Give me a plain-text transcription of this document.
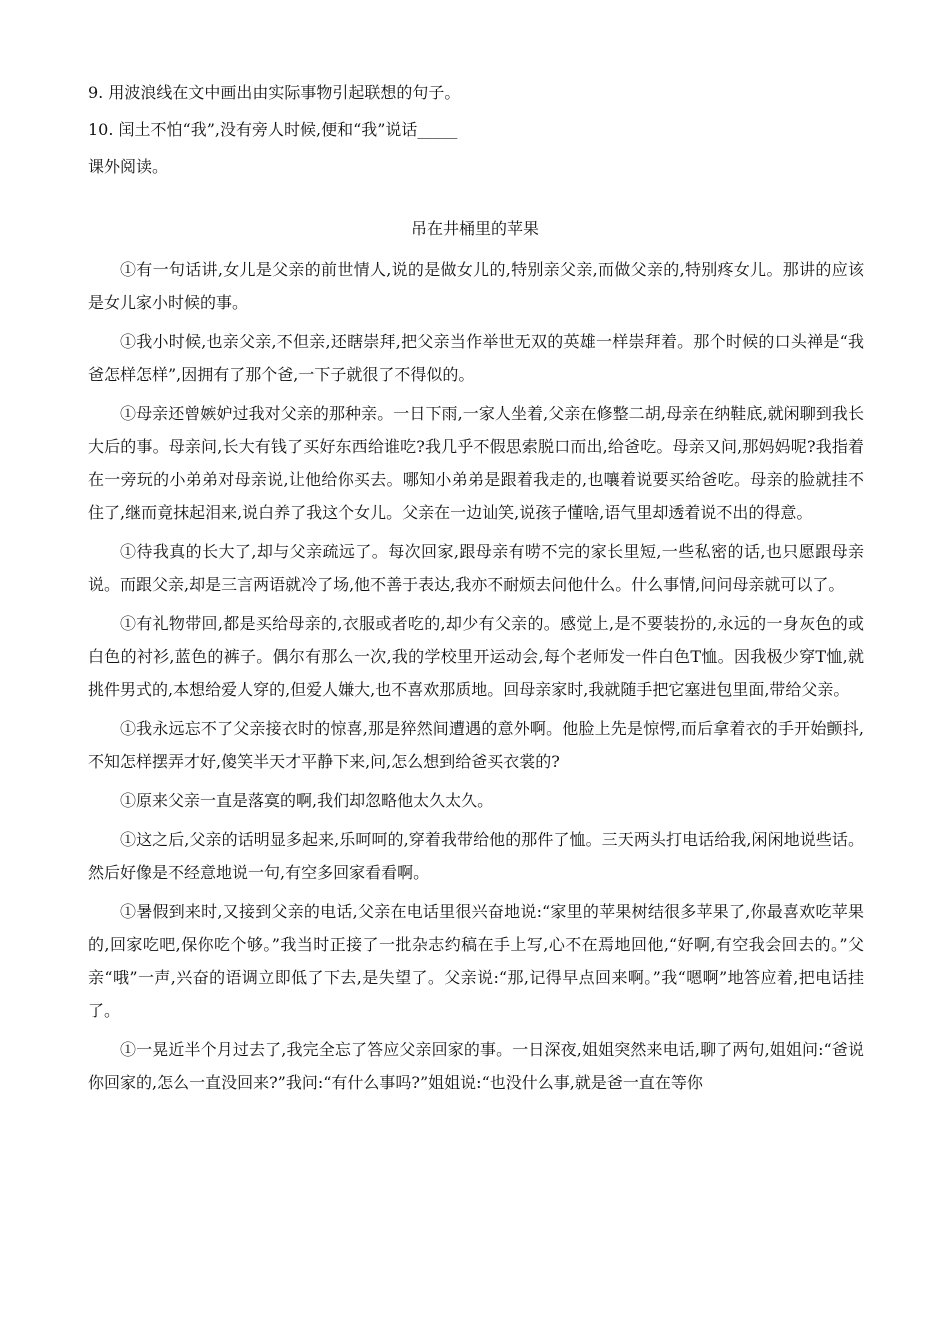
9. 用波浪线在文中画出由实际事物引起联想的句子。
10. 闰土不怕“我”,没有旁人时候,便和“我”说话_____
课外阅读。
吊在井桶里的苹果

①有一句话讲,女儿是父亲的前世情人,说的是做女儿的,特别亲父亲,而做父亲的,特别疼女儿。那讲的应该是女儿家小时候的事。

①我小时候,也亲父亲,不但亲,还瞎崇拜,把父亲当作举世无双的英雄一样崇拜着。那个时候的口头禅是“我爸怎样怎样”,因拥有了那个爸,一下子就很了不得似的。

①母亲还曾嫉妒过我对父亲的那种亲。一日下雨,一家人坐着,父亲在修整二胡,母亲在纳鞋底,就闲聊到我长大后的事。母亲问,长大有钱了买好东西给谁吃?我几乎不假思索脱口而出,给爸吃。母亲又问,那妈妈呢?我指着在一旁玩的小弟弟对母亲说,让他给你买去。哪知小弟弟是跟着我走的,也嚷着说要买给爸吃。母亲的脸就挂不住了,继而竟抹起泪来,说白养了我这个女儿。父亲在一边讪笑,说孩子懂啥,语气里却透着说不出的得意。

①待我真的长大了,却与父亲疏远了。每次回家,跟母亲有唠不完的家长里短,一些私密的话,也只愿跟母亲说。而跟父亲,却是三言两语就冷了场,他不善于表达,我亦不耐烦去问他什么。什么事情,问问母亲就可以了。

①有礼物带回,都是买给母亲的,衣服或者吃的,却少有父亲的。感觉上,是不要装扮的,永远的一身灰色的或白色的衬衫,蓝色的裤子。偶尔有那么一次,我的学校里开运动会,每个老师发一件白色T恤。因我极少穿T恤,就挑件男式的,本想给爱人穿的,但爱人嫌大,也不喜欢那质地。回母亲家时,我就随手把它塞进包里面,带给父亲。

①我永远忘不了父亲接衣时的惊喜,那是猝然间遭遇的意外啊。他脸上先是惊愕,而后拿着衣的手开始颤抖,不知怎样摆弄才好,傻笑半天才平静下来,问,怎么想到给爸买衣裳的?

①原来父亲一直是落寞的啊,我们却忽略他太久太久。

①这之后,父亲的话明显多起来,乐呵呵的,穿着我带给他的那件了恤。三天两头打电话给我,闲闲地说些话。然后好像是不经意地说一句,有空多回家看看啊。

①暑假到来时,又接到父亲的电话,父亲在电话里很兴奋地说:“家里的苹果树结很多苹果了,你最喜欢吃苹果的,回家吃吧,保你吃个够。”我当时正接了一批杂志约稿在手上写,心不在焉地回他,“好啊,有空我会回去的。”父亲“哦”一声,兴奋的语调立即低了下去,是失望了。父亲说:“那,记得早点回来啊。”我“嗯啊”地答应着,把电话挂了。

①一晃近半个月过去了,我完全忘了答应父亲回家的事。一日深夜,姐姐突然来电话,聊了两句,姐姐问:“爸说你回家的,怎么一直没回来?”我问:“有什么事吗?”姐姐说:“也没什么事,就是爸一直在等你
